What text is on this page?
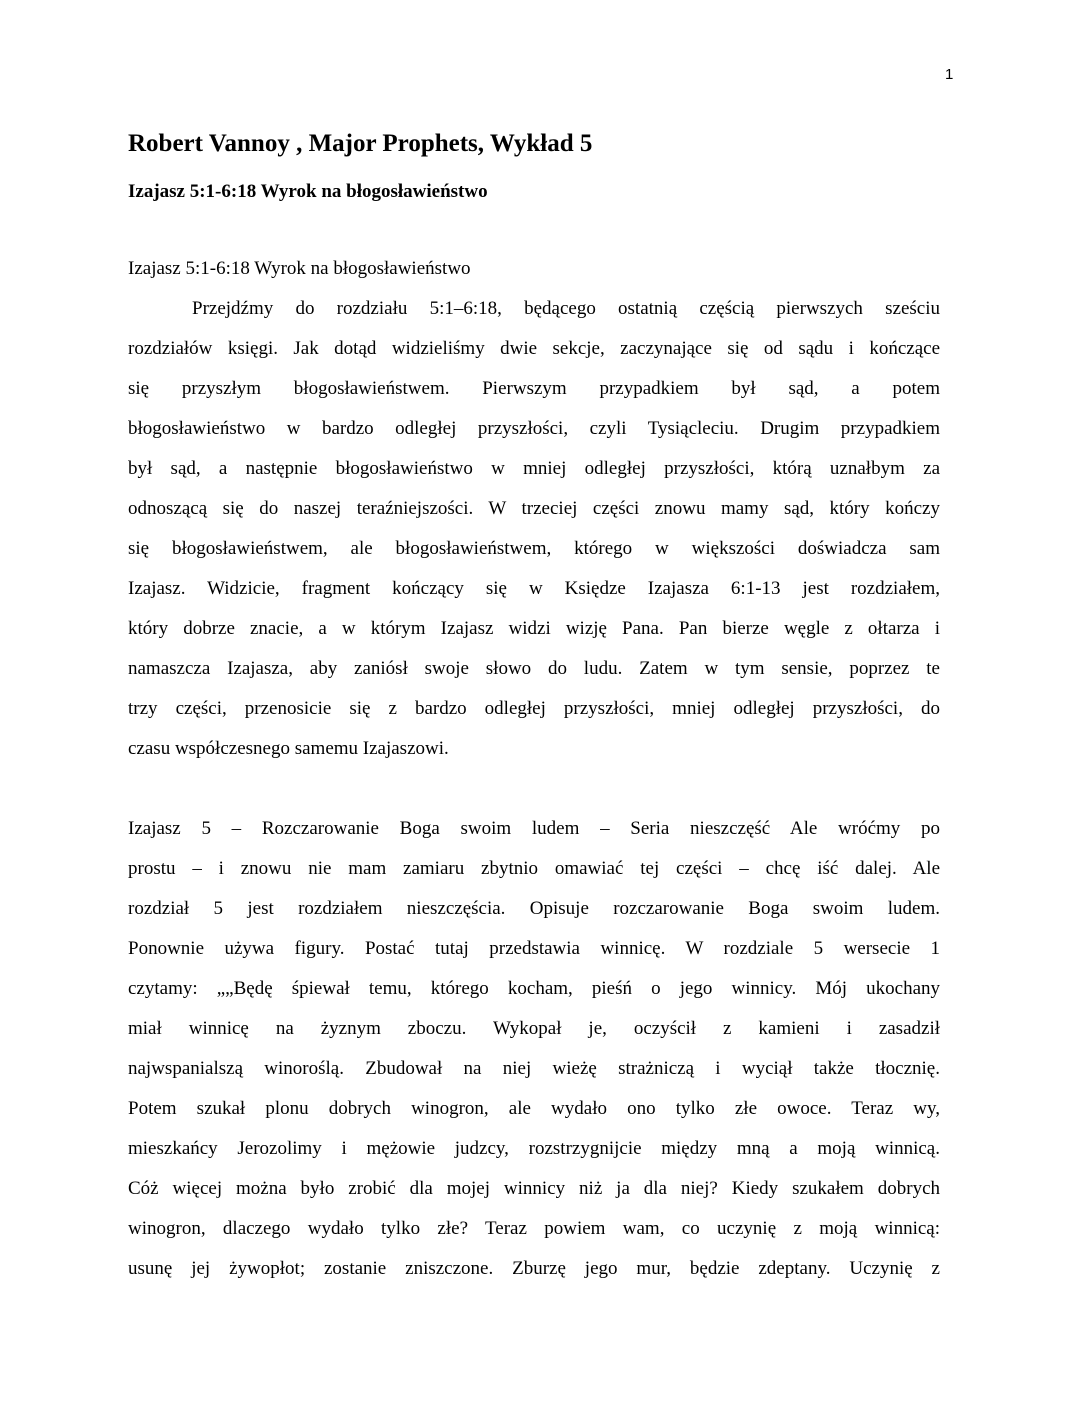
1
Robert Vannoy , Major Prophets, Wykład 5
Izajasz 5:1-6:18 Wyrok na błogosławieństwo
Izajasz 5:1-6:18 Wyrok na błogosławieństwo
Przejdźmy do rozdziału 5:1–6:18, będącego ostatnią częścią pierwszych sześciu
rozdziałów księgi. Jak dotąd widzieliśmy dwie sekcje, zaczynające się od sądu i kończące
się przyszłym błogosławieństwem. Pierwszym przypadkiem był sąd, a potem
błogosławieństwo w bardzo odległej przyszłości, czyli Tysiącleciu. Drugim przypadkiem
był sąd, a następnie błogosławieństwo w mniej odległej przyszłości, którą uznałbym za
odnoszącą się do naszej teraźniejszości. W trzeciej części znowu mamy sąd, który kończy
się błogosławieństwem, ale błogosławieństwem, którego w większości doświadcza sam
Izajasz. Widzicie, fragment kończący się w Księdze Izajasza 6:1-13 jest rozdziałem,
który dobrze znacie, a w którym Izajasz widzi wizję Pana. Pan bierze węgle z ołtarza i
namaszcza Izajasza, aby zaniósł swoje słowo do ludu. Zatem w tym sensie, poprzez te
trzy części, przenosicie się z bardzo odległej przyszłości, mniej odległej przyszłości, do
czasu współczesnego samemu Izajaszowi.
Izajasz 5 – Rozczarowanie Boga swoim ludem – Seria nieszczęść Ale wróćmy po
prostu – i znowu nie mam zamiaru zbytnio omawiać tej części – chcę iść dalej. Ale
rozdział 5 jest rozdziałem nieszczęścia. Opisuje rozczarowanie Boga swoim ludem.
Ponownie używa figury. Postać tutaj przedstawia winnicę. W rozdziale 5 wersecie 1
czytamy: „„Będę śpiewał temu, którego kocham, pieśń o jego winnicy. Mój ukochany
miał winnicę na żyznym zboczu. Wykopał je, oczyścił z kamieni i zasadził
najwspanialszą winoroślą. Zbudował na niej wieżę strażniczą i wyciął także tłocznię.
Potem szukał plonu dobrych winogron, ale wydało ono tylko złe owoce. Teraz wy,
mieszkańcy Jerozolimy i mężowie judzcy, rozstrzygnijcie między mną a moją winnicą.
Cóż więcej można było zrobić dla mojej winnicy niż ja dla niej? Kiedy szukałem dobrych
winogron, dlaczego wydało tylko złe? Teraz powiem wam, co uczynię z moją winnicą:
usunę jej żywopłot; zostanie zniszczone. Zburzę jego mur, będzie zdeptany. Uczynię z
